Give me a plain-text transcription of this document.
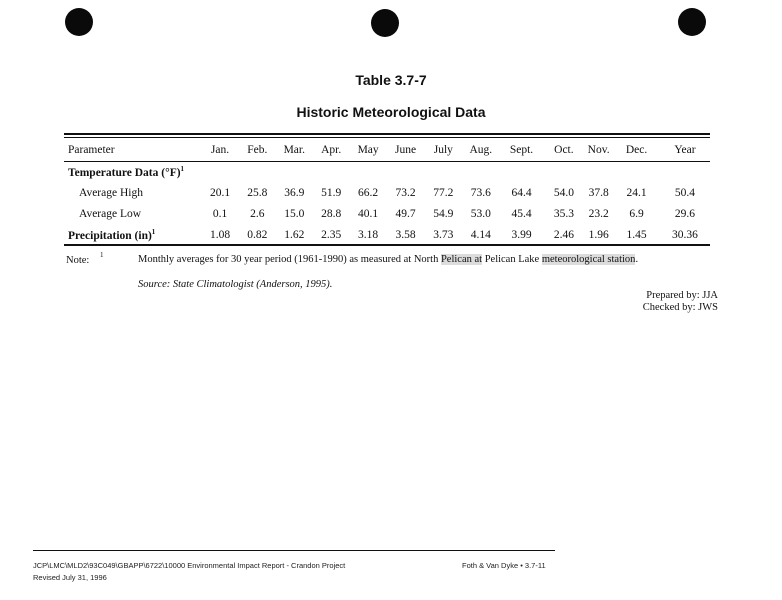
Table 3.7-7
Historic Meteorological Data
Parameter	Jan.	Feb.	Mar.	Apr.	May	June	July	Aug.	Sept.	Oct.	Nov.	Dec.	Year
Temperature Data $(^\circ F)^1$
Average High	20.1	25.8	36.9	51.9	66.2	73.2	77.2	73.6	64.4	54.0	37.8	24.1	50.4
Average Low	0.1	2.6	15.0	28.8	40.1	49.7	54.9	53.0	45.4	35.3	23.2	6.9	29.6
Precipitation (in)$^1$	1.08	0.82	1.62	2.35	3.18	3.58	3.73	4.14	3.99	2.46	1.96	1.45	30.36
Note: 1	Monthly averages for 30 year period (1961-1990) as measured at North Pelican at Pelican Lake meteorological station.
Source: State Climatologist (Anderson, 1995).
Prepared by: JJA
Checked by: JWS
JCP\LMC\MLD2\93C049\GBAPP\6722\10000 Environmental Impact Report - Crandon Project
Revised July 31, 1996
Foth & Van Dyke • 3.7-11
